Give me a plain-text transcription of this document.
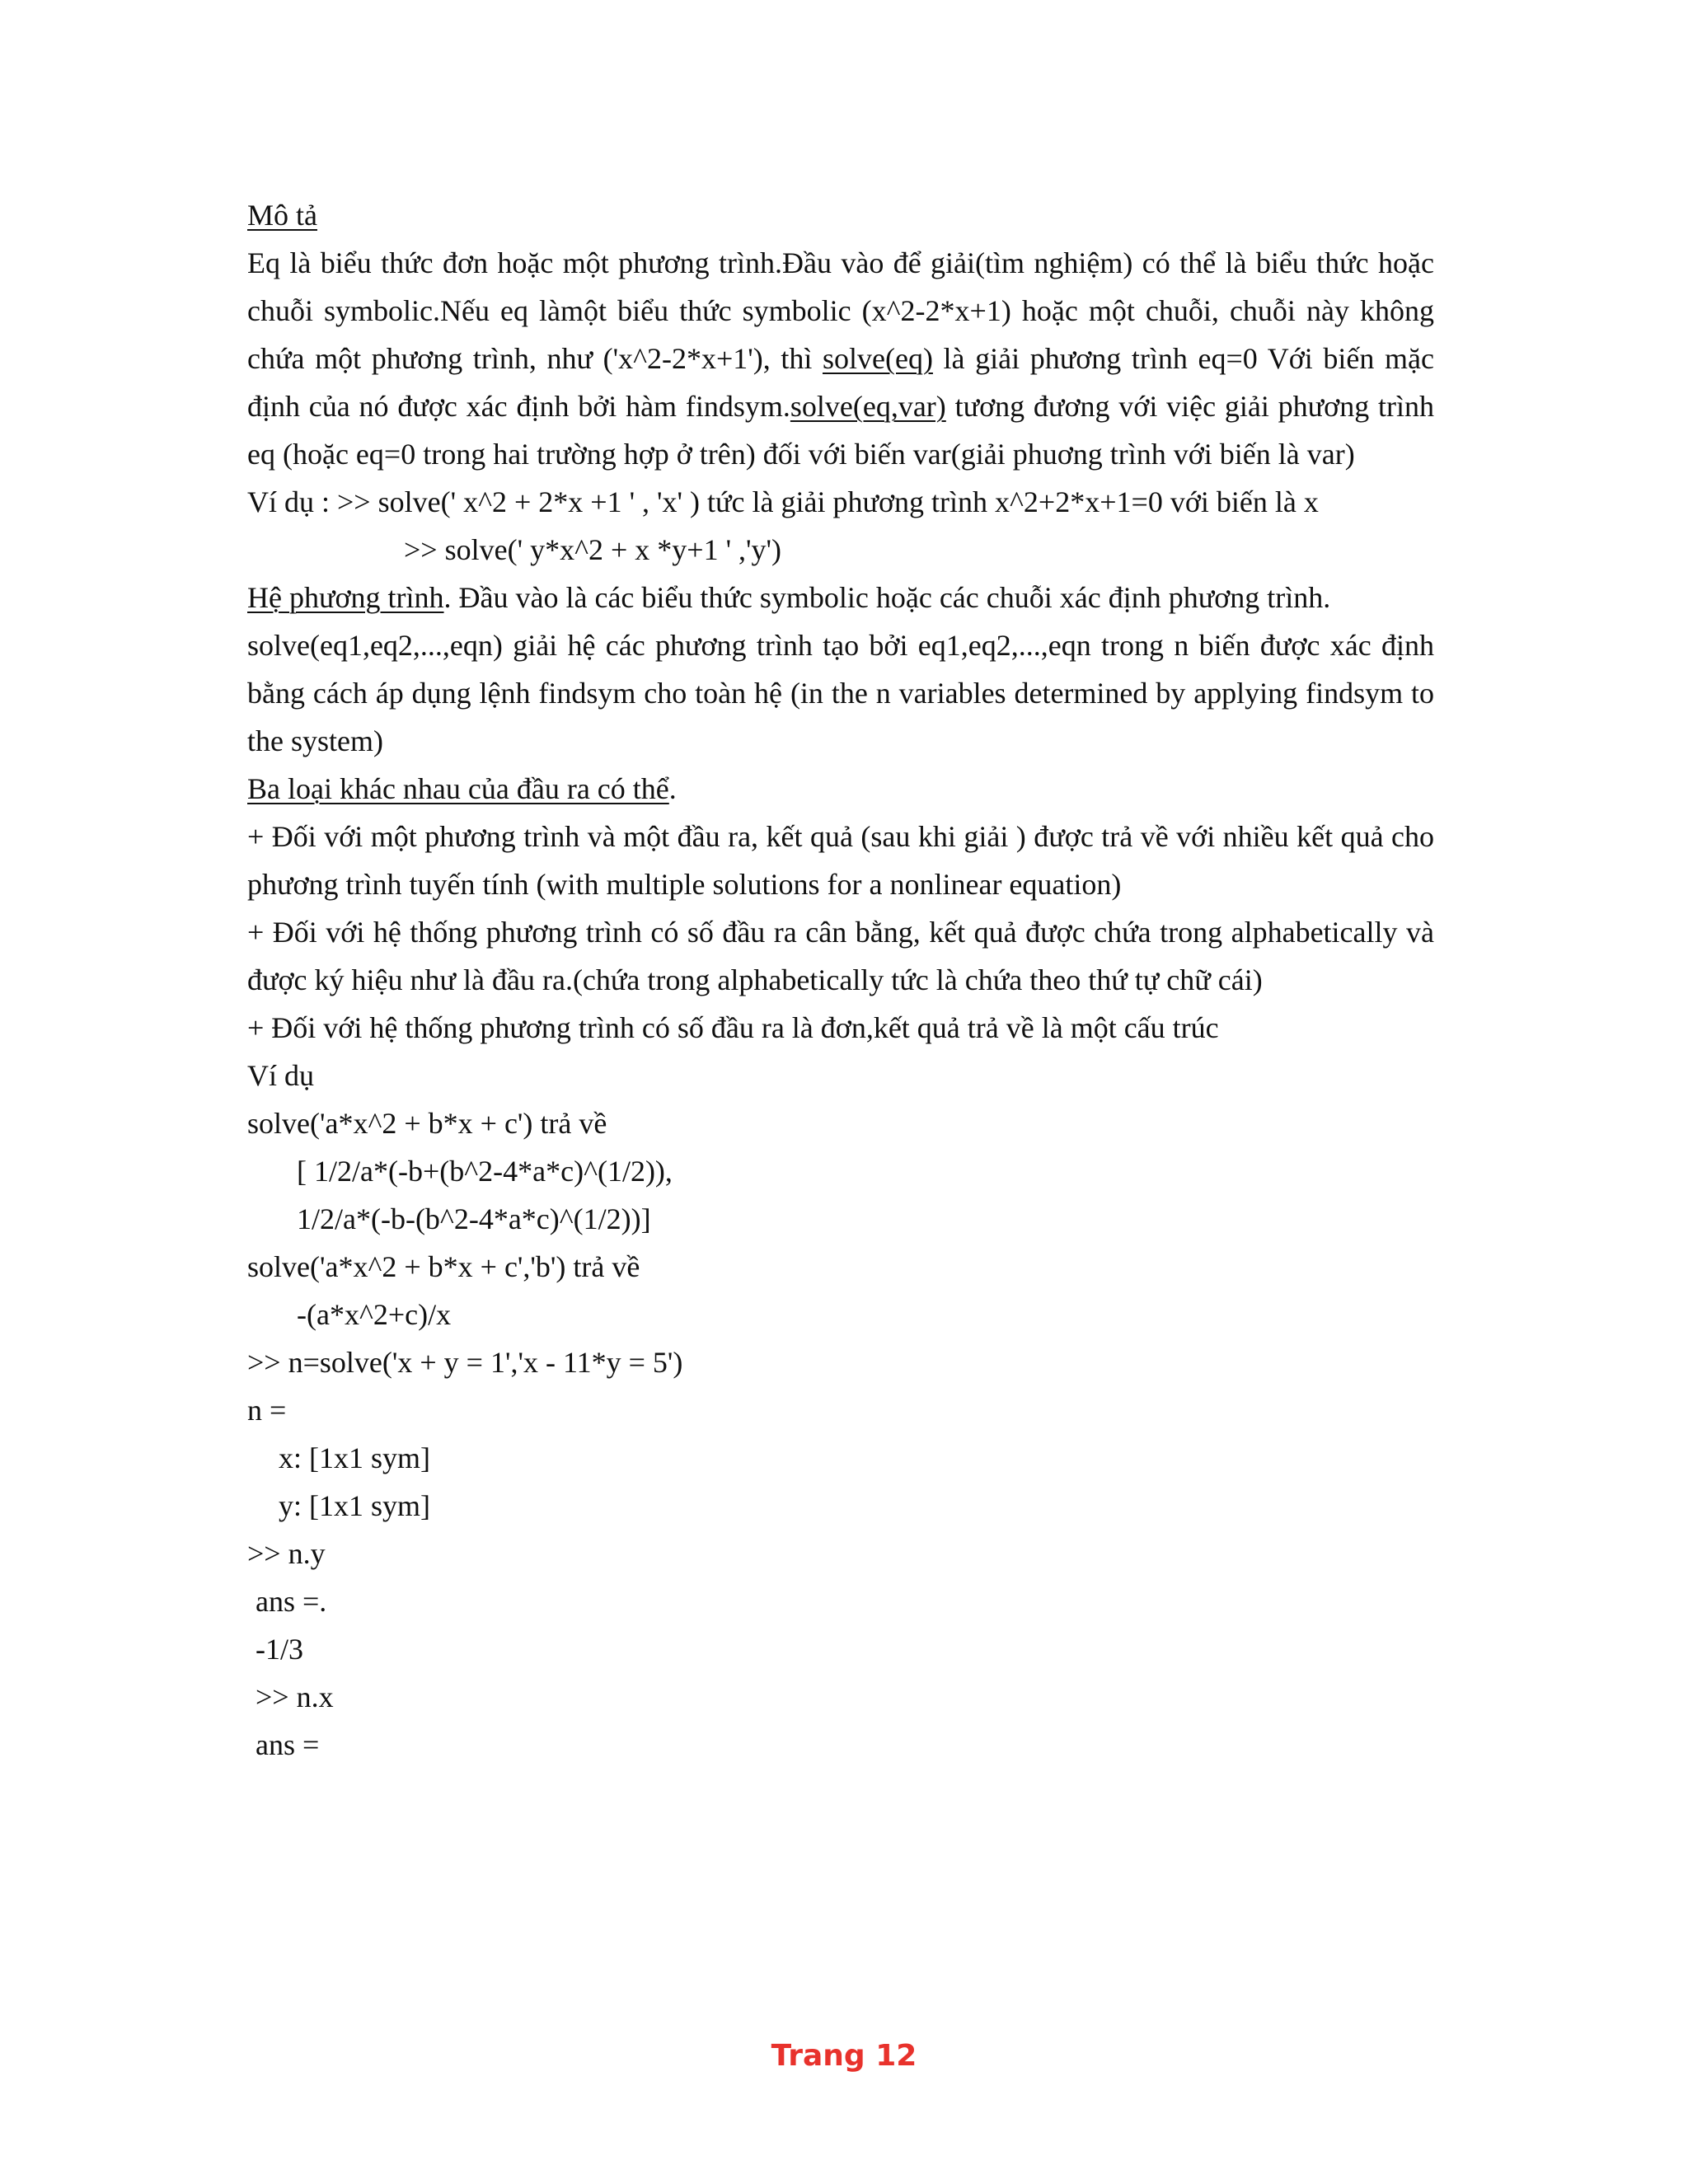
Mô tả

Eq là biểu thức đơn hoặc một phương trình.Đầu vào để giải(tìm nghiệm) có thể là biểu thức hoặc chuỗi symbolic.Nếu eq làmột biểu thức symbolic (x^2-2*x+1) hoặc một chuỗi, chuỗi này không chứa một phương trình, như ('x^2-2*x+1'), thì solve(eq) là giải phương trình eq=0 Với biến mặc định của nó được xác định bởi hàm findsym.solve(eq,var) tương đương với việc giải phương trình eq (hoặc eq=0 trong hai trường hợp ở trên) đối với biến var(giải phuơng trình với biến là var)

Ví dụ : >> solve(' x^2 + 2*x +1 ' , 'x' ) tức là giải phương trình x^2+2*x+1=0 với biến là x

>> solve(' y*x^2 + x *y+1 ' ,'y')

Hệ phương trình. Đầu vào là các biểu thức symbolic hoặc các chuỗi xác định phương trình.

solve(eq1,eq2,...,eqn) giải hệ các phương trình tạo bởi eq1,eq2,...,eqn trong n biến được xác định bằng cách áp dụng lệnh findsym cho toàn hệ (in the n variables determined by applying findsym to the system)

Ba loại khác nhau của đầu ra có thể.

+ Đối với một phương trình và một đầu ra, kết quả (sau khi giải ) được trả về với nhiều kết quả cho phương trình tuyến tính (with multiple solutions for a nonlinear equation)

+ Đối với hệ thống phương trình có số đầu ra cân bằng, kết quả được chứa trong alphabetically và được ký hiệu như là đầu ra.(chứa trong alphabetically tức là chứa theo thứ tự chữ cái)

+ Đối với hệ thống phương trình có số đầu ra là đơn,kết quả trả về là một cấu trúc

Ví dụ

solve('a*x^2 + b*x + c') trả về

[ 1/2/a*(-b+(b^2-4*a*c)^(1/2)),

1/2/a*(-b-(b^2-4*a*c)^(1/2))]

solve('a*x^2 + b*x + c','b') trả về

-(a*x^2+c)/x

>> n=solve('x + y = 1','x - 11*y = 5')

n =

x: [1x1 sym]

y: [1x1 sym]

>> n.y

ans =.

-1/3

>> n.x

ans =

Trang 12
